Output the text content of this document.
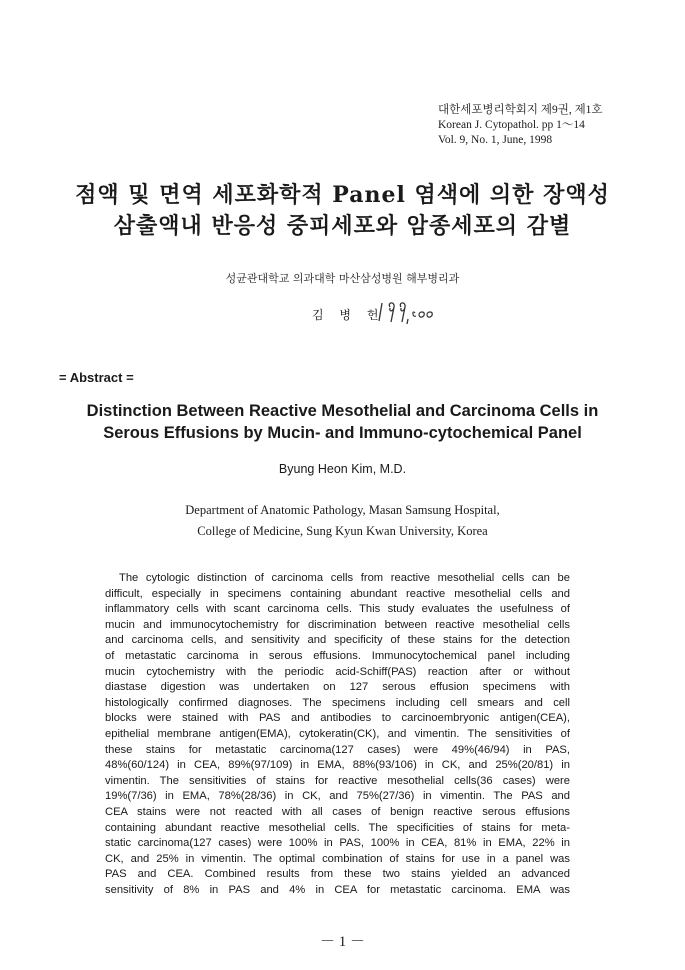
대한세포병리학회지 제9권, 제1호
Korean J. Cytopathol. pp 1～14
Vol. 9, No. 1, June, 1998
점액 및 면역 세포화학적 Panel 염색에 의한 장액성
삼출액내 반응성 중피세포와 암종세포의 감별
성균관대학교 의과대학 마산삼성병원 해부병리과
김 병 헌
= Abstract =
Distinction Between Reactive Mesothelial and Carcinoma Cells in
Serous Effusions by Mucin- and Immuno-cytochemical Panel
Byung Heon Kim, M.D.
Department of Anatomic Pathology, Masan Samsung Hospital,
College of Medicine, Sung Kyun Kwan University, Korea
The cytologic distinction of carcinoma cells from reactive mesothelial cells can be
difficult, especially in specimens containing abundant reactive mesothelial cells and
inflammatory cells with scant carcinoma cells. This study evaluates the usefulness of
mucin and immunocytochemistry for discrimination between reactive mesothelial cells
and carcinoma cells, and sensitivity and specificity of these stains for the detection
of metastatic carcinoma in serous effusions. Immunocytochemical panel including
mucin cytochemistry with the periodic acid-Schiff(PAS) reaction after or without
diastase digestion was undertaken on 127 serous effusion specimens with
histologically confirmed diagnoses. The specimens including cell smears and cell
blocks were stained with PAS and antibodies to carcinoembryonic antigen(CEA),
epithelial membrane antigen(EMA), cytokeratin(CK), and vimentin. The sensitivities of
these stains for metastatic carcinoma(127 cases) were 49%(46/94) in PAS,
48%(60/124) in CEA, 89%(97/109) in EMA, 88%(93/106) in CK, and 25%(20/81) in
vimentin. The sensitivities of stains for reactive mesothelial cells(36 cases) were
19%(7/36) in EMA, 78%(28/36) in CK, and 75%(27/36) in vimentin. The PAS and
CEA stains were not reacted with all cases of benign reactive serous effusions
containing abundant reactive mesothelial cells. The specificities of stains for meta-
static carcinoma(127 cases) were 100% in PAS, 100% in CEA, 81% in EMA, 22% in
CK, and 25% in vimentin. The optimal combination of stains for use in a panel was
PAS and CEA. Combined results from these two stains yielded an advanced
sensitivity of 8% in PAS and 4% in CEA for metastatic carcinoma. EMA was
－ 1 －
